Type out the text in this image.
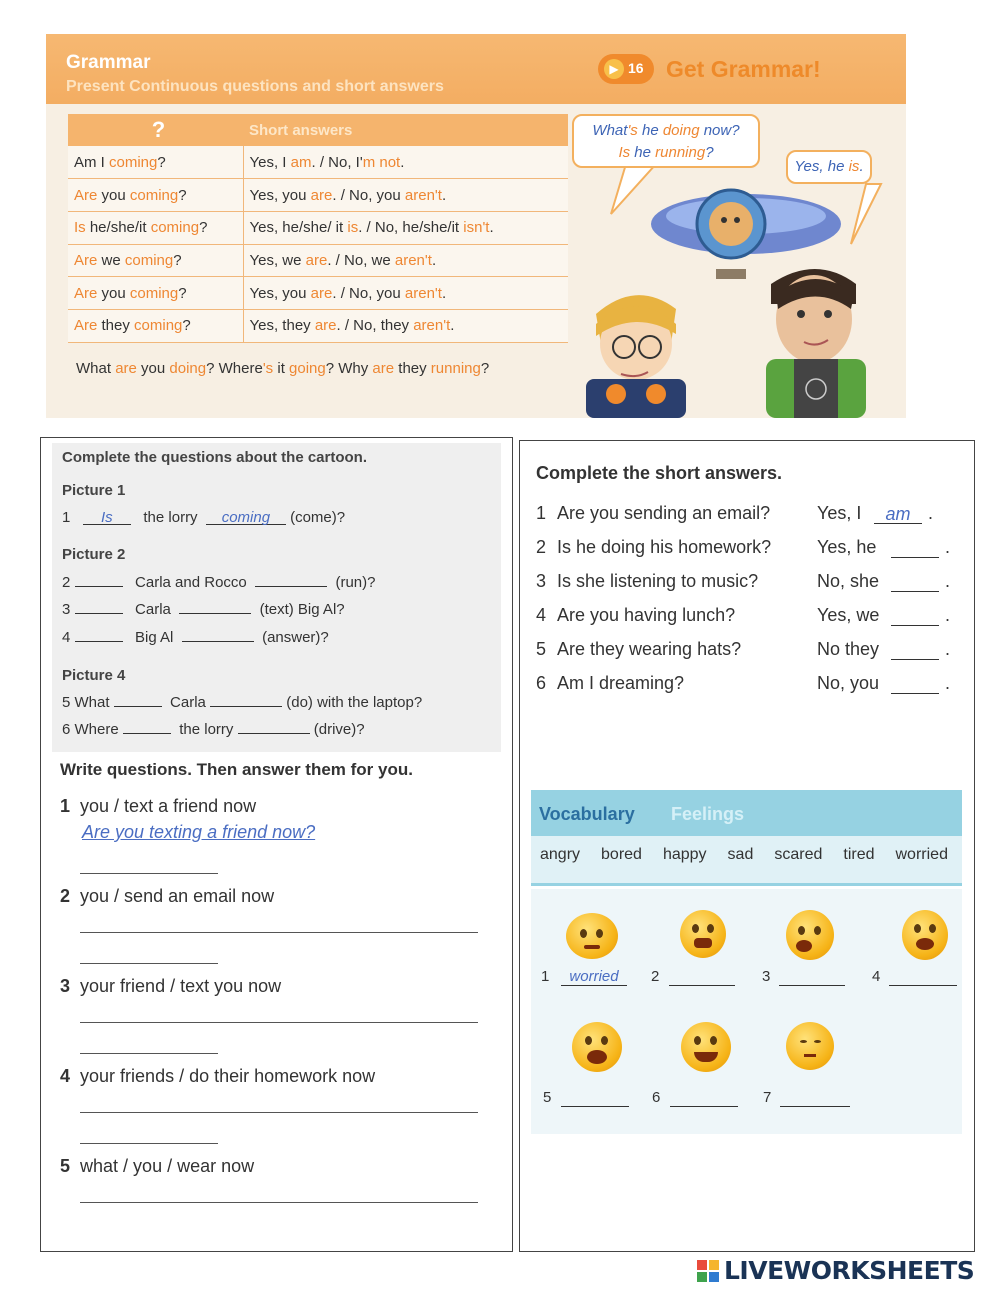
Grammar
Present Continuous questions and short answers
▶ 16 Get Grammar!
?	Short answers
Am I coming?	Yes, I am. / No, I'm not.
Are you coming?	Yes, you are. / No, you aren't.
Is he/she/it coming?	Yes, he/she/ it is. / No, he/she/it isn't.
Are we coming?	Yes, we are. / No, we aren't.
Are you coming?	Yes, you are. / No, you aren't.
Are they coming?	Yes, they are. / No, they aren't.
What are you doing? Where's it going? Why are they running?
What's he doing now?
Is he running?
Yes, he is.
Complete the questions about the cartoon.
Picture 1
1 Is the lorry coming (come)?
Picture 2
2	Carla and Rocco	(run)?
3	Carla	(text) Big Al?
4	Big Al	(answer)?
Picture 4
5 What	Carla	(do) with the laptop?
6 Where	the lorry	(drive)?
Write questions. Then answer them for you.
1 you / text a friend now
Are you texting a friend now?
2 you / send an email now
3 your friend / text you now
4 your friends / do their homework now
5 what / you / wear now
Complete the short answers.
1 Are you sending an email?	Yes, I	am .
2 Is he doing his homework?	Yes, he	.
3 Is she listening to music?	No, she	.
4 Are you having lunch?	Yes, we	.
5 Are they wearing hats?	No they	.
6 Am I dreaming?	No, you	.
Vocabulary Feelings
angry bored happy sad scared tired worried
1	worried	2	3	4
5	6	7
LIVEWORKSHEETS
